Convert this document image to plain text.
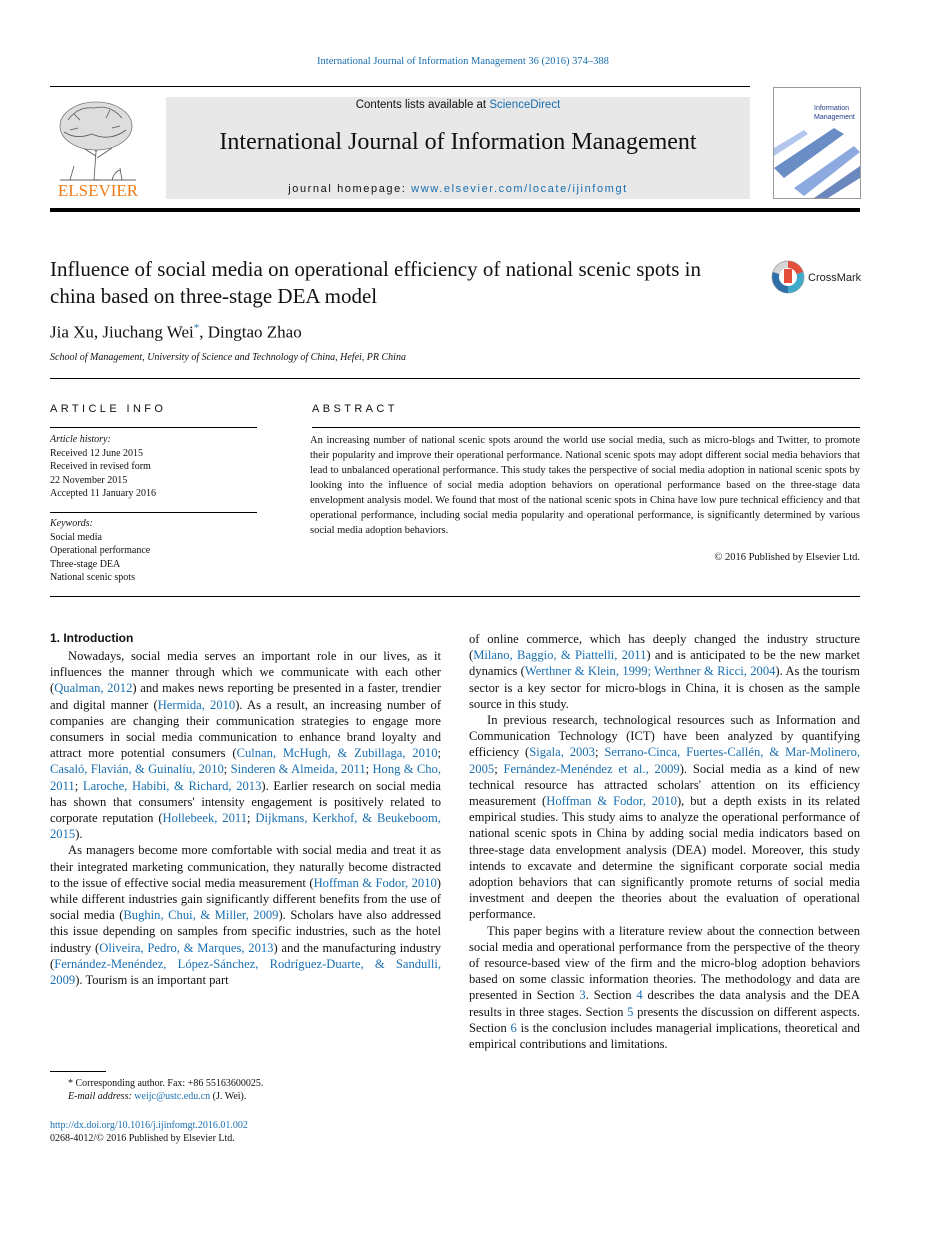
International Journal of Information Management 36 (2016) 374–388
ELSEVIER
Contents lists available at ScienceDirect
International Journal of Information Management
journal homepage: www.elsevier.com/locate/ijinfomgt
Information
Management
Influence of social media on operational efficiency of national scenic spots in china based on three-stage DEA model
CrossMark
Jia Xu, Jiuchang Wei*, Dingtao Zhao
School of Management, University of Science and Technology of China, Hefei, PR China
ARTICLE INFO	ABSTRACT
Article history:
Received 12 June 2015
Received in revised form
22 November 2015
Accepted 11 January 2016
Keywords:
Social media
Operational performance
Three-stage DEA
National scenic spots
An increasing number of national scenic spots around the world use social media, such as micro-blogs and Twitter, to promote their popularity and improve their operational performance. National scenic spots may adopt different social media behaviors that lead to unbalanced operational performance. This study takes the perspective of social media adoption in national scenic spots by looking into the influence of social media adoption behaviors on operational performance based on the three-stage data envelopment analysis model. We found that most of the national scenic spots in China have low pure technical efficiency and that operational performance, including social media popularity and operational performance, is significantly determined by various social media adoption behaviors.
© 2016 Published by Elsevier Ltd.
1. Introduction

Nowadays, social media serves an important role in our lives, as it influences the manner through which we communicate with each other (Qualman, 2012) and makes news reporting be presented in a faster, trendier and digital manner (Hermida, 2010). As a result, an increasing number of companies are changing their communication strategies to engage more consumers in social media communication to enhance brand loyalty and attract more potential consumers (Culnan, McHugh, & Zubillaga, 2010; Casaló, Flavián, & Guinalíu, 2010; Sinderen & Almeida, 2011; Hong & Cho, 2011; Laroche, Habibi, & Richard, 2013). Earlier research on social media has shown that consumers' intensity engagement is positively related to corporate reputation (Hollebeek, 2011; Dijkmans, Kerkhof, & Beukeboom, 2015).

As managers become more comfortable with social media and treat it as their integrated marketing communication, they naturally become distracted to the issue of effective social media measurement (Hoffman & Fodor, 2010) while different industries gain significantly different benefits from the use of social media (Bughin, Chui, & Miller, 2009). Scholars have also addressed this issue depending on samples from specific industries, such as the hotel industry (Oliveira, Pedro, & Marques, 2013) and the manufacturing industry (Fernández-Menéndez, López-Sánchez, Rodríguez-Duarte, & Sandulli, 2009). Tourism is an important part

of online commerce, which has deeply changed the industry structure (Milano, Baggio, & Piattelli, 2011) and is anticipated to be the new market dynamics (Werthner & Klein, 1999; Werthner & Ricci, 2004). As the tourism sector is a key sector for micro-blogs in China, it is chosen as the sample source in this study.

In previous research, technological resources such as Information and Communication Technology (ICT) have been analyzed by quantifying efficiency (Sigala, 2003; Serrano-Cinca, Fuertes-Callén, & Mar-Molinero, 2005; Fernández-Menéndez et al., 2009). Social media as a kind of new technical resource has attracted scholars' attention on its efficiency measurement (Hoffman & Fodor, 2010), but a depth exists in its related empirical studies. This study aims to analyze the operational performance of national scenic spots in China by adding social media indicators based on three-stage data envelopment analysis (DEA) model. Moreover, this study intends to excavate and determine the significant corporate social media adoption behaviors that can significantly promote returns of social media investment and deepen the theories about the evaluation of operational performance.

This paper begins with a literature review about the connection between social media and operational performance from the perspective of the theory of resource-based view of the firm and the micro-blog adoption behaviors based on some classic information theories. The methodology and data are presented in Section 3. Section 4 describes the data analysis and the DEA results in three stages. Section 5 presents the discussion on different aspects. Section 6 is the conclusion includes managerial implications, theoretical and empirical contributions and limitations.

* Corresponding author. Fax: +86 55163600025.
E-mail address: weijc@ustc.edu.cn (J. Wei).
http://dx.doi.org/10.1016/j.ijinfomgt.2016.01.002
0268-4012/© 2016 Published by Elsevier Ltd.
